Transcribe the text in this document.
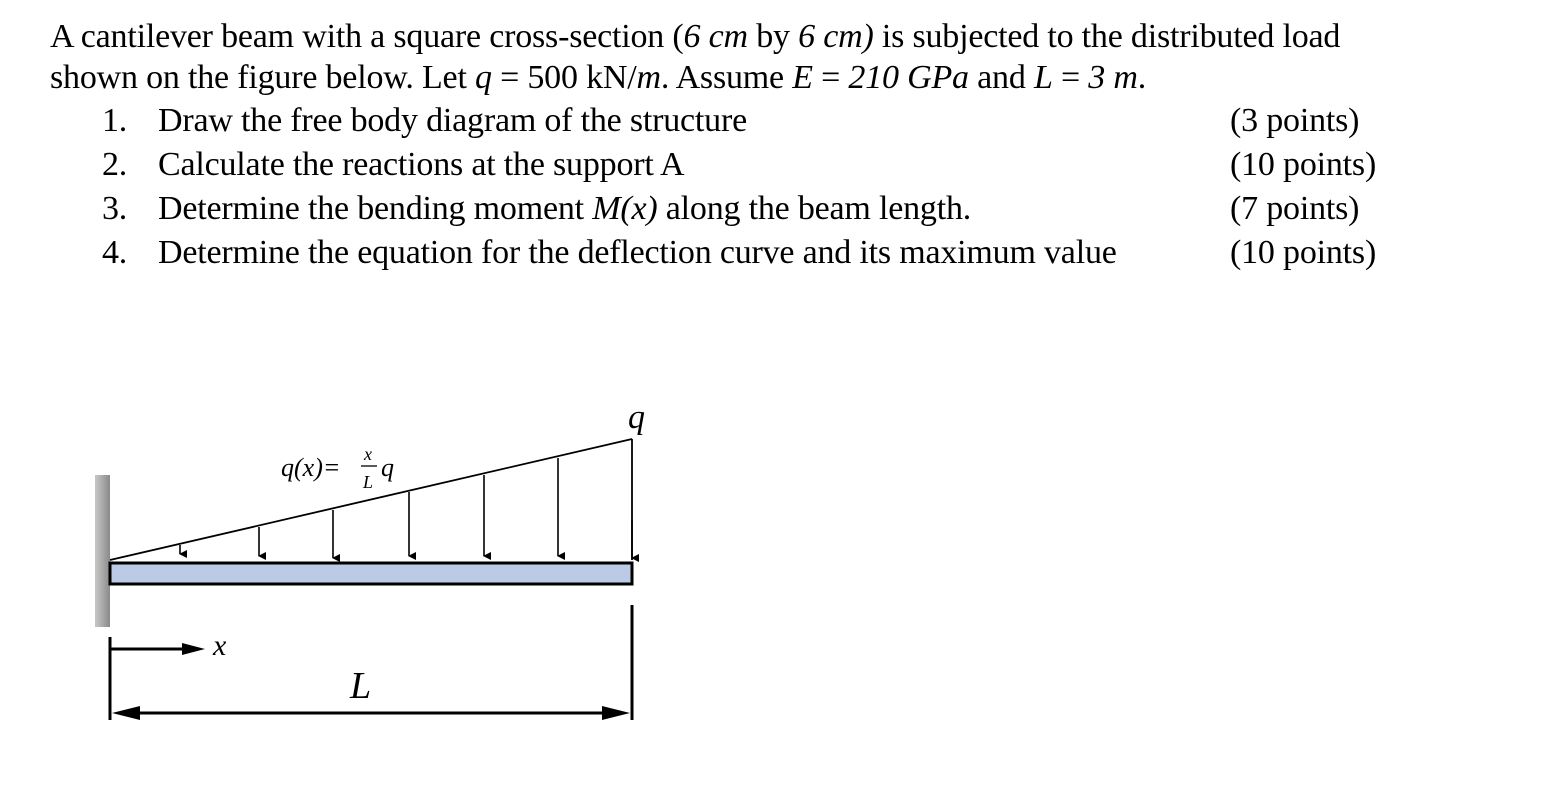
A cantilever beam with a square cross-section (6 cm by 6 cm) is subjected to the distributed load
shown on the figure below. Let q = 500 kN/m. Assume E = 210 GPa and L = 3 m.
1. Draw the free body diagram of the structure	(3 points)
2. Calculate the reactions at the support A	(10 points)
3. Determine the bending moment M(x) along the beam length.	(7 points)
4. Determine the equation for the deflection curve and its maximum value	(10 points)
q
q(x)= x
L q
x
L
